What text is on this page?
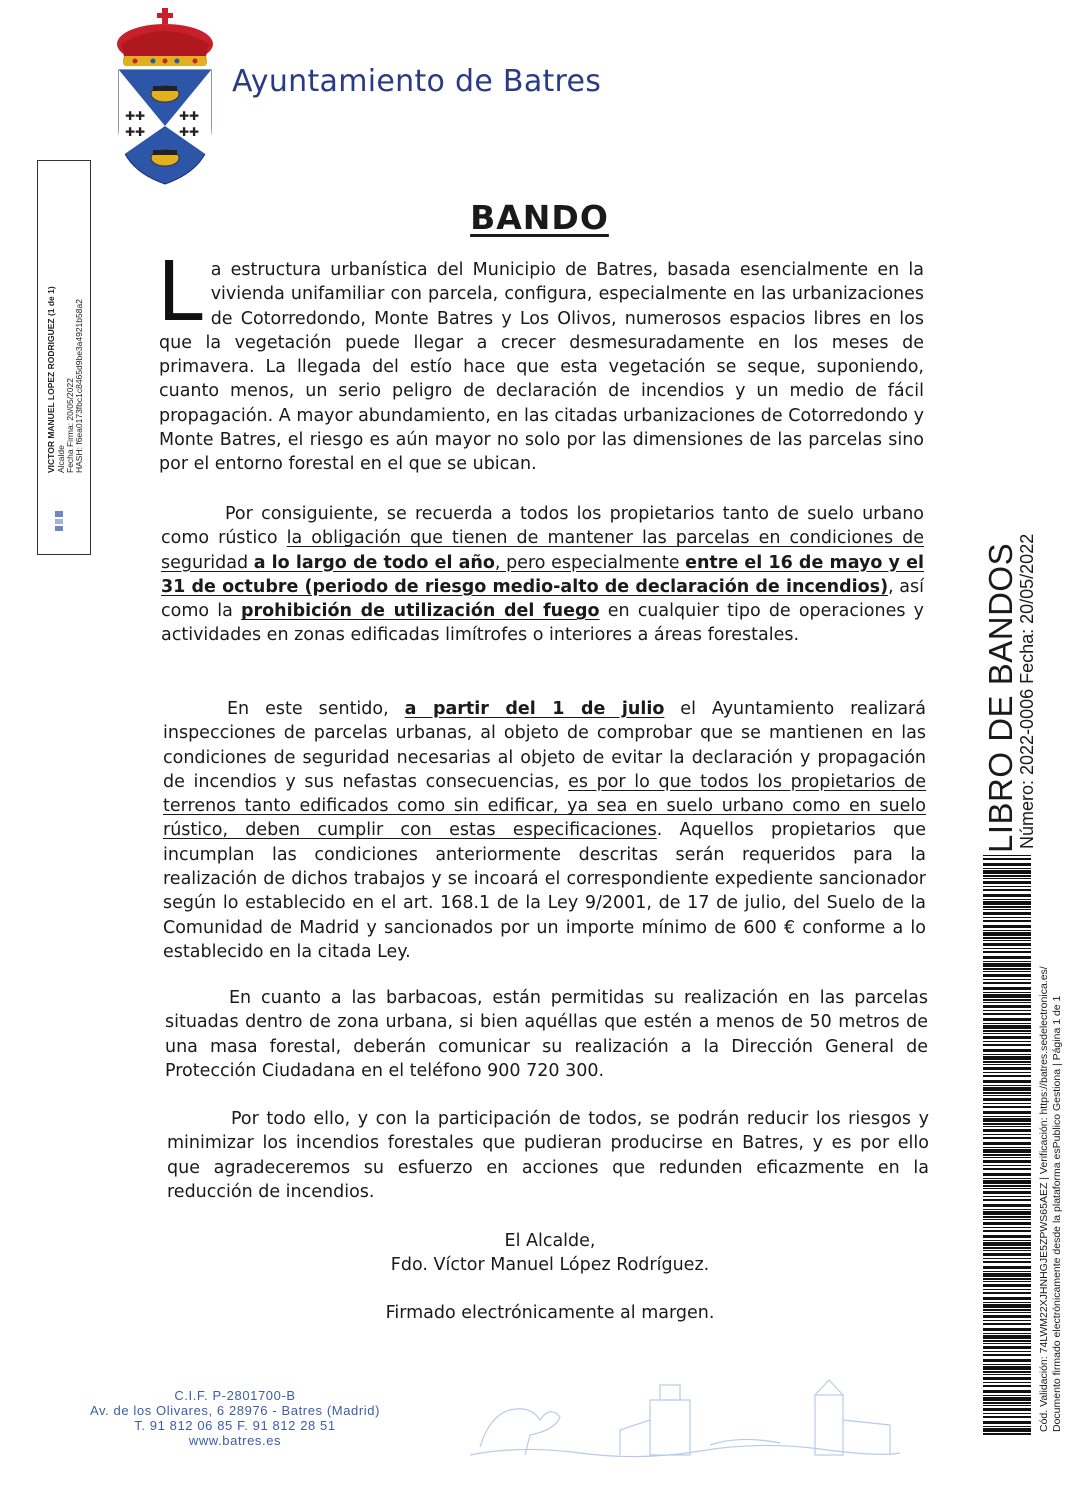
✚✚
✚✚
✚✚
✚✚
Ayuntamiento de Batres
BANDO
La estructura urbanística del Municipio de Batres, basada esencialmente en la vivienda unifamiliar con parcela, configura, especialmente en las urbanizaciones de Cotorredondo, Monte Batres y Los Olivos, numerosos espacios libres en los que la vegetación puede llegar a crecer desmesuradamente en los meses de primavera. La llegada del estío hace que esta vegetación se seque, suponiendo, cuanto menos, un serio peligro de declaración de incendios y un medio de fácil propagación. A mayor abundamiento, en las citadas urbanizaciones de Cotorredondo y Monte Batres, el riesgo es aún mayor no solo por las dimensiones de las parcelas sino por el entorno forestal en el que se ubican.
Por consiguiente, se recuerda a todos los propietarios tanto de suelo urbano como rústico la obligación que tienen de mantener las parcelas en condiciones de seguridad a lo largo de todo el año, pero especialmente entre el 16 de mayo y el 31 de octubre (periodo de riesgo medio-alto de declaración de incendios), así como la prohibición de utilización del fuego en cualquier tipo de operaciones y actividades en zonas edificadas limítrofes o interiores a áreas forestales.
En este sentido, a partir del 1 de julio el Ayuntamiento realizará inspecciones de parcelas urbanas, al objeto de comprobar que se mantienen en las condiciones de seguridad necesarias al objeto de evitar la declaración y propagación de incendios y sus nefastas consecuencias, es por lo que todos los propietarios de terrenos tanto edificados como sin edificar, ya sea en suelo urbano como en suelo rústico, deben cumplir con estas especificaciones. Aquellos propietarios que incumplan las condiciones anteriormente descritas serán requeridos para la realización de dichos trabajos y se incoará el correspondiente expediente sancionador según lo establecido en el art. 168.1 de la Ley 9/2001, de 17 de julio, del Suelo de la Comunidad de Madrid y sancionados por un importe mínimo de 600 € conforme a lo establecido en la citada Ley.
En cuanto a las barbacoas, están permitidas su realización en las parcelas situadas dentro de zona urbana, si bien aquéllas que estén a menos de 50 metros de una masa forestal, deberán comunicar su realización a la Dirección General de Protección Ciudadana en el teléfono 900 720 300.
Por todo ello, y con la participación de todos, se podrán reducir los riesgos y minimizar los incendios forestales que pudieran producirse en Batres, y es por ello que agradeceremos su esfuerzo en acciones que redunden eficazmente en la reducción de incendios.
El Alcalde,
Fdo. Víctor Manuel López Rodríguez.
Firmado electrónicamente al margen.
VICTOR MANUEL LOPEZ RODRIGUEZ (1 de 1) Alcalde Fecha Firma: 20/05/2022 HASH: f6ea0173fbc1c8465d9be3a4921b58a2
LIBRO DE BANDOS
Número: 2022-0006 Fecha: 20/05/2022
Cód. Validación: 74LWM22XJHNHGJE5ZPWS65AEZ | Verificación: https://batres.sedelectronica.es/ Documento firmado electrónicamente desde la plataforma esPublico Gestiona | Página 1 de 1
C.I.F. P-2801700-B
Av. de los Olivares, 6 28976 - Batres (Madrid)
T. 91 812 06 85 F. 91 812 28 51
www.batres.es
